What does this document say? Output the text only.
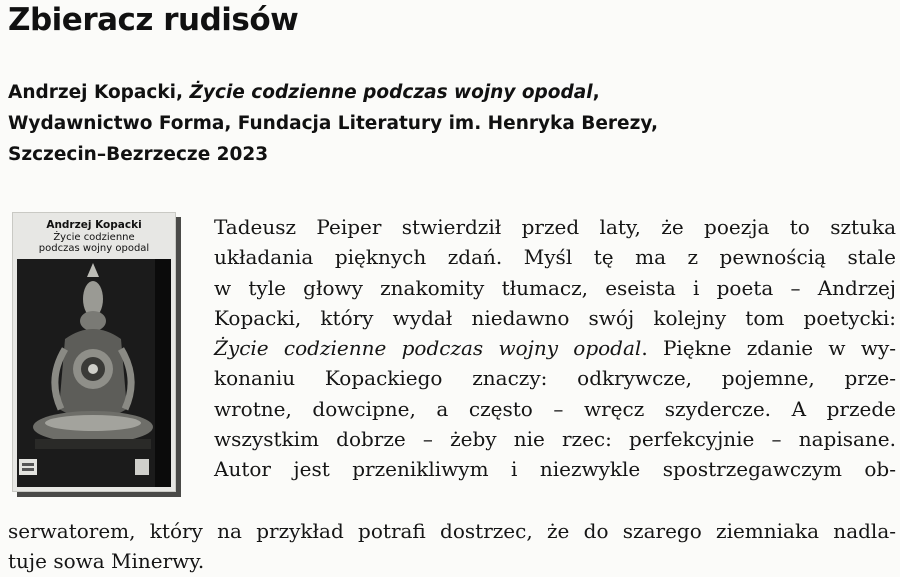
Zbieracz rudisów
Andrzej Kopacki, Życie codzienne podczas wojny opodal,
Wydawnictwo Forma, Fundacja Literatury im. Henryka Berezy,
Szczecin–Bezrzecze 2023
Andrzej Kopacki
Życie codzienne
podczas wojny opodal
Tadeusz Peiper stwierdził przed laty, że poezja to sztuka
układania pięknych zdań. Myśl tę ma z pewnością stale
w tyle głowy znakomity tłumacz, eseista i poeta – Andrzej
Kopacki, który wydał niedawno swój kolejny tom poetycki:
Życie codzienne podczas wojny opodal. Piękne zdanie w wy-
konaniu Kopackiego znaczy: odkrywcze, pojemne, prze-
wrotne, dowcipne, a często – wręcz szydercze. A przede
wszystkim dobrze – żeby nie rzec: perfekcyjnie – napisane.
Autor jest przenikliwym i niezwykle spostrzegawczym ob-
serwatorem, który na przykład potrafi dostrzec, że do szarego ziemniaka nadla-
tuje sowa Minerwy.
